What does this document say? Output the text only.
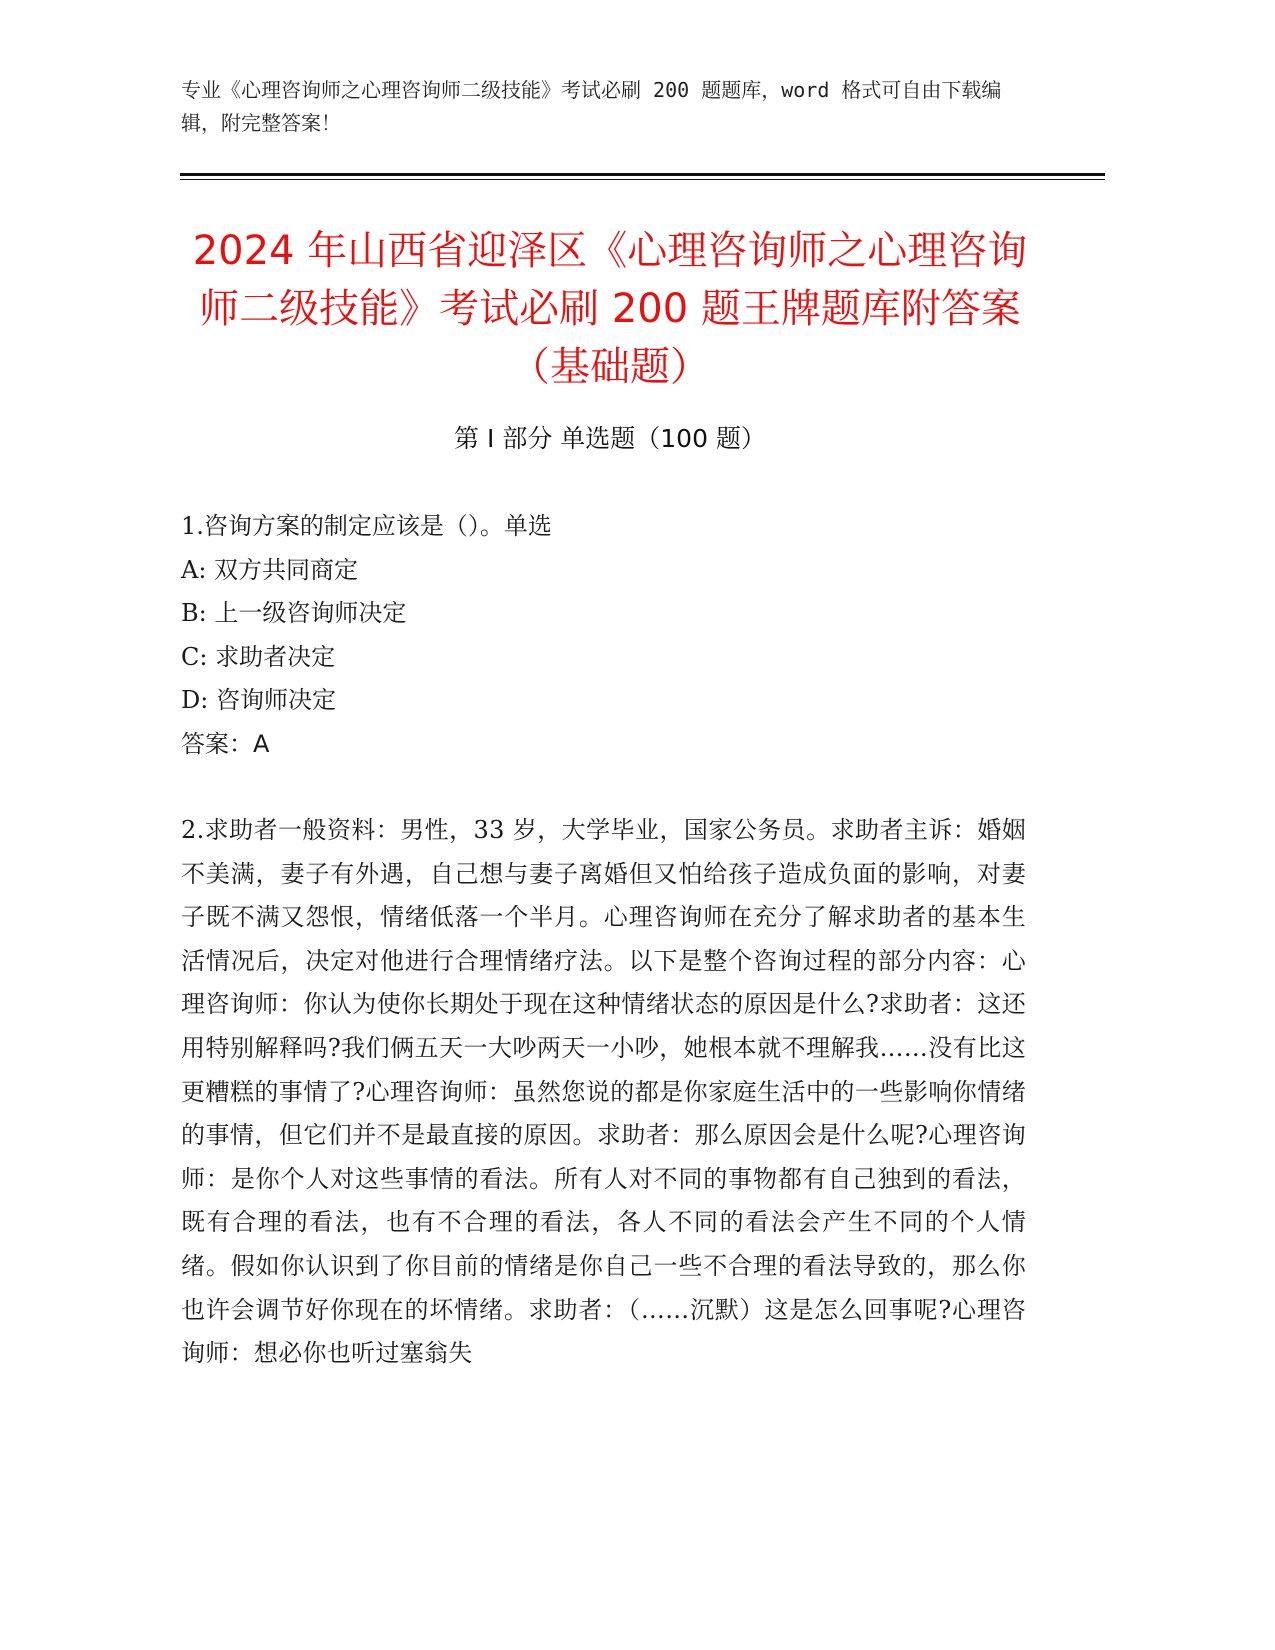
专业《心理咨询师之心理咨询师二级技能》考试必刷 200 题题库，word 格式可自由下载编辑，附完整答案！
2024 年山西省迎泽区《心理咨询师之心理咨询师二级技能》考试必刷 200 题王牌题库附答案（基础题）
第 I 部分 单选题（100 题）
1.咨询方案的制定应该是（）。单选
A: 双方共同商定
B: 上一级咨询师决定
C: 求助者决定
D: 咨询师决定
答案：A
2.求助者一般资料：男性，33 岁，大学毕业，国家公务员。求助者主诉：婚姻不美满，妻子有外遇，自己想与妻子离婚但又怕给孩子造成负面的影响，对妻子既不满又怨恨，情绪低落一个半月。心理咨询师在充分了解求助者的基本生活情况后，决定对他进行合理情绪疗法。以下是整个咨询过程的部分内容：心理咨询师：你认为使你长期处于现在这种情绪状态的原因是什么?求助者：这还用特别解释吗?我们俩五天一大吵两天一小吵，她根本就不理解我……没有比这更糟糕的事情了?心理咨询师：虽然您说的都是你家庭生活中的一些影响你情绪的事情，但它们并不是最直接的原因。求助者：那么原因会是什么呢?心理咨询师：是你个人对这些事情的看法。所有人对不同的事物都有自己独到的看法，既有合理的看法，也有不合理的看法，各人不同的看法会产生不同的个人情绪。假如你认识到了你目前的情绪是你自己一些不合理的看法导致的，那么你也许会调节好你现在的坏情绪。求助者：（……沉默）这是怎么回事呢?心理咨询师：想必你也听过塞翁失
